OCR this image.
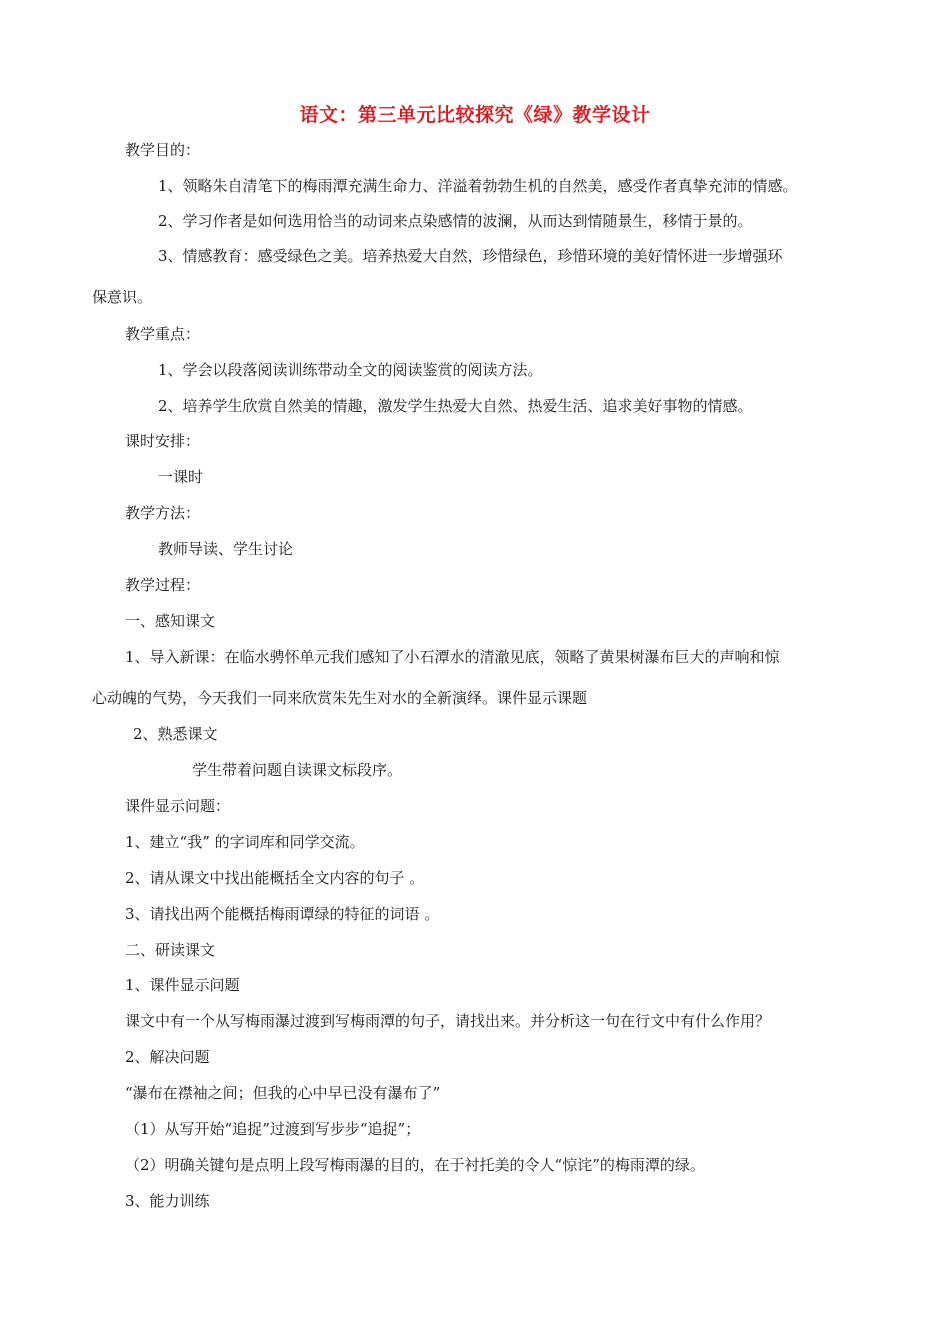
语文：第三单元比较探究《绿》教学设计
教学目的：
1、领略朱自清笔下的梅雨潭充满生命力、洋溢着勃勃生机的自然美，感受作者真挚充沛的情感。
2、学习作者是如何选用恰当的动词来点染感情的波澜，从而达到情随景生，移情于景的。
3、情感教育：感受绿色之美。培养热爱大自然，珍惜绿色，珍惜环境的美好情怀进一步增强环
保意识。
教学重点：
1、学会以段落阅读训练带动全文的阅读鉴赏的阅读方法。
2、培养学生欣赏自然美的情趣，激发学生热爱大自然、热爱生活、追求美好事物的情感。
课时安排：
一课时
教学方法：
教师导读、学生讨论
教学过程：
一、感知课文
1、导入新课：在临水骋怀单元我们感知了小石潭水的清澈见底，领略了黄果树瀑布巨大的声响和惊
心动魄的气势，今天我们一同来欣赏朱先生对水的全新演绎。课件显示课题
2、熟悉课文
学生带着问题自读课文标段序。
课件显示问题：
1、建立“我” 的字词库和同学交流。
2、请从课文中找出能概括全文内容的句子 。
3、请找出两个能概括梅雨谭绿的特征的词语 。
二、研读课文
1、课件显示问题
课文中有一个从写梅雨瀑过渡到写梅雨潭的句子，请找出来。并分析这一句在行文中有什么作用？
2、解决问题
“瀑布在襟袖之间；但我的心中早已没有瀑布了”
（1）从写开始“追捉”过渡到写步步“追捉”；
（2）明确关键句是点明上段写梅雨瀑的目的，在于衬托美的令人“惊诧”的梅雨潭的绿。
3、能力训练
